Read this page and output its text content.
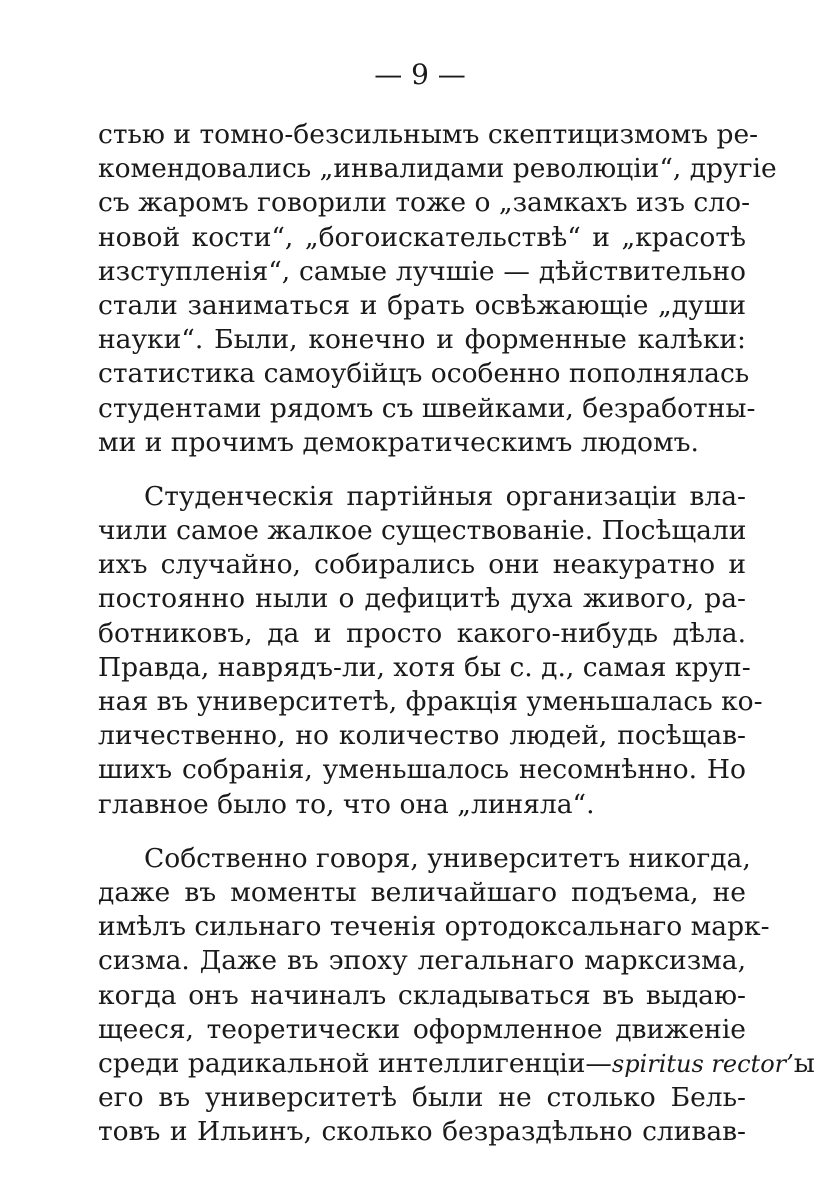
— 9 —
стью и томно-безсильнымъ скептицизмомъ ре-
комендовались „инвалидами революціи“, другіе
съ жаромъ говорили тоже о „замкахъ изъ сло-
новой кости“, „богоискательствѣ“ и „красотѣ
изступленія“, самые лучшіе — дѣйствительно
стали заниматься и брать освѣжающіе „души
науки“. Были, конечно и форменные калѣки:
статистика самоубійцъ особенно пополнялась
студентами рядомъ съ швейками, безработны-
ми и прочимъ демократическимъ людомъ.
Студенческія партійныя организаціи вла-
чили самое жалкое существованіе. Посѣщали
ихъ случайно, собирались они неакуратно и
постоянно ныли о дефицитѣ духа живого, ра-
ботниковъ, да и просто какого-нибудь дѣла.
Правда, наврядъ-ли, хотя бы с. д., самая круп-
ная въ университетѣ, фракція уменьшалась ко-
личественно, но количество людей, посѣщав-
шихъ собранія, уменьшалось несомнѣнно. Но
главное было то, что она „линяла“.
Собственно говоря, университетъ никогда,
даже въ моменты величайшаго подъема, не
имѣлъ сильнаго теченія ортодоксальнаго марк-
сизма. Даже въ эпоху легальнаго марксизма,
когда онъ начиналъ складываться въ выдаю-
щееся, теоретически оформленное движеніе
среди радикальной интеллигенціи—spiritus rector’ы
его въ университетѣ были не столько Бель-
товъ и Ильинъ, сколько безраздѣльно сливав-
